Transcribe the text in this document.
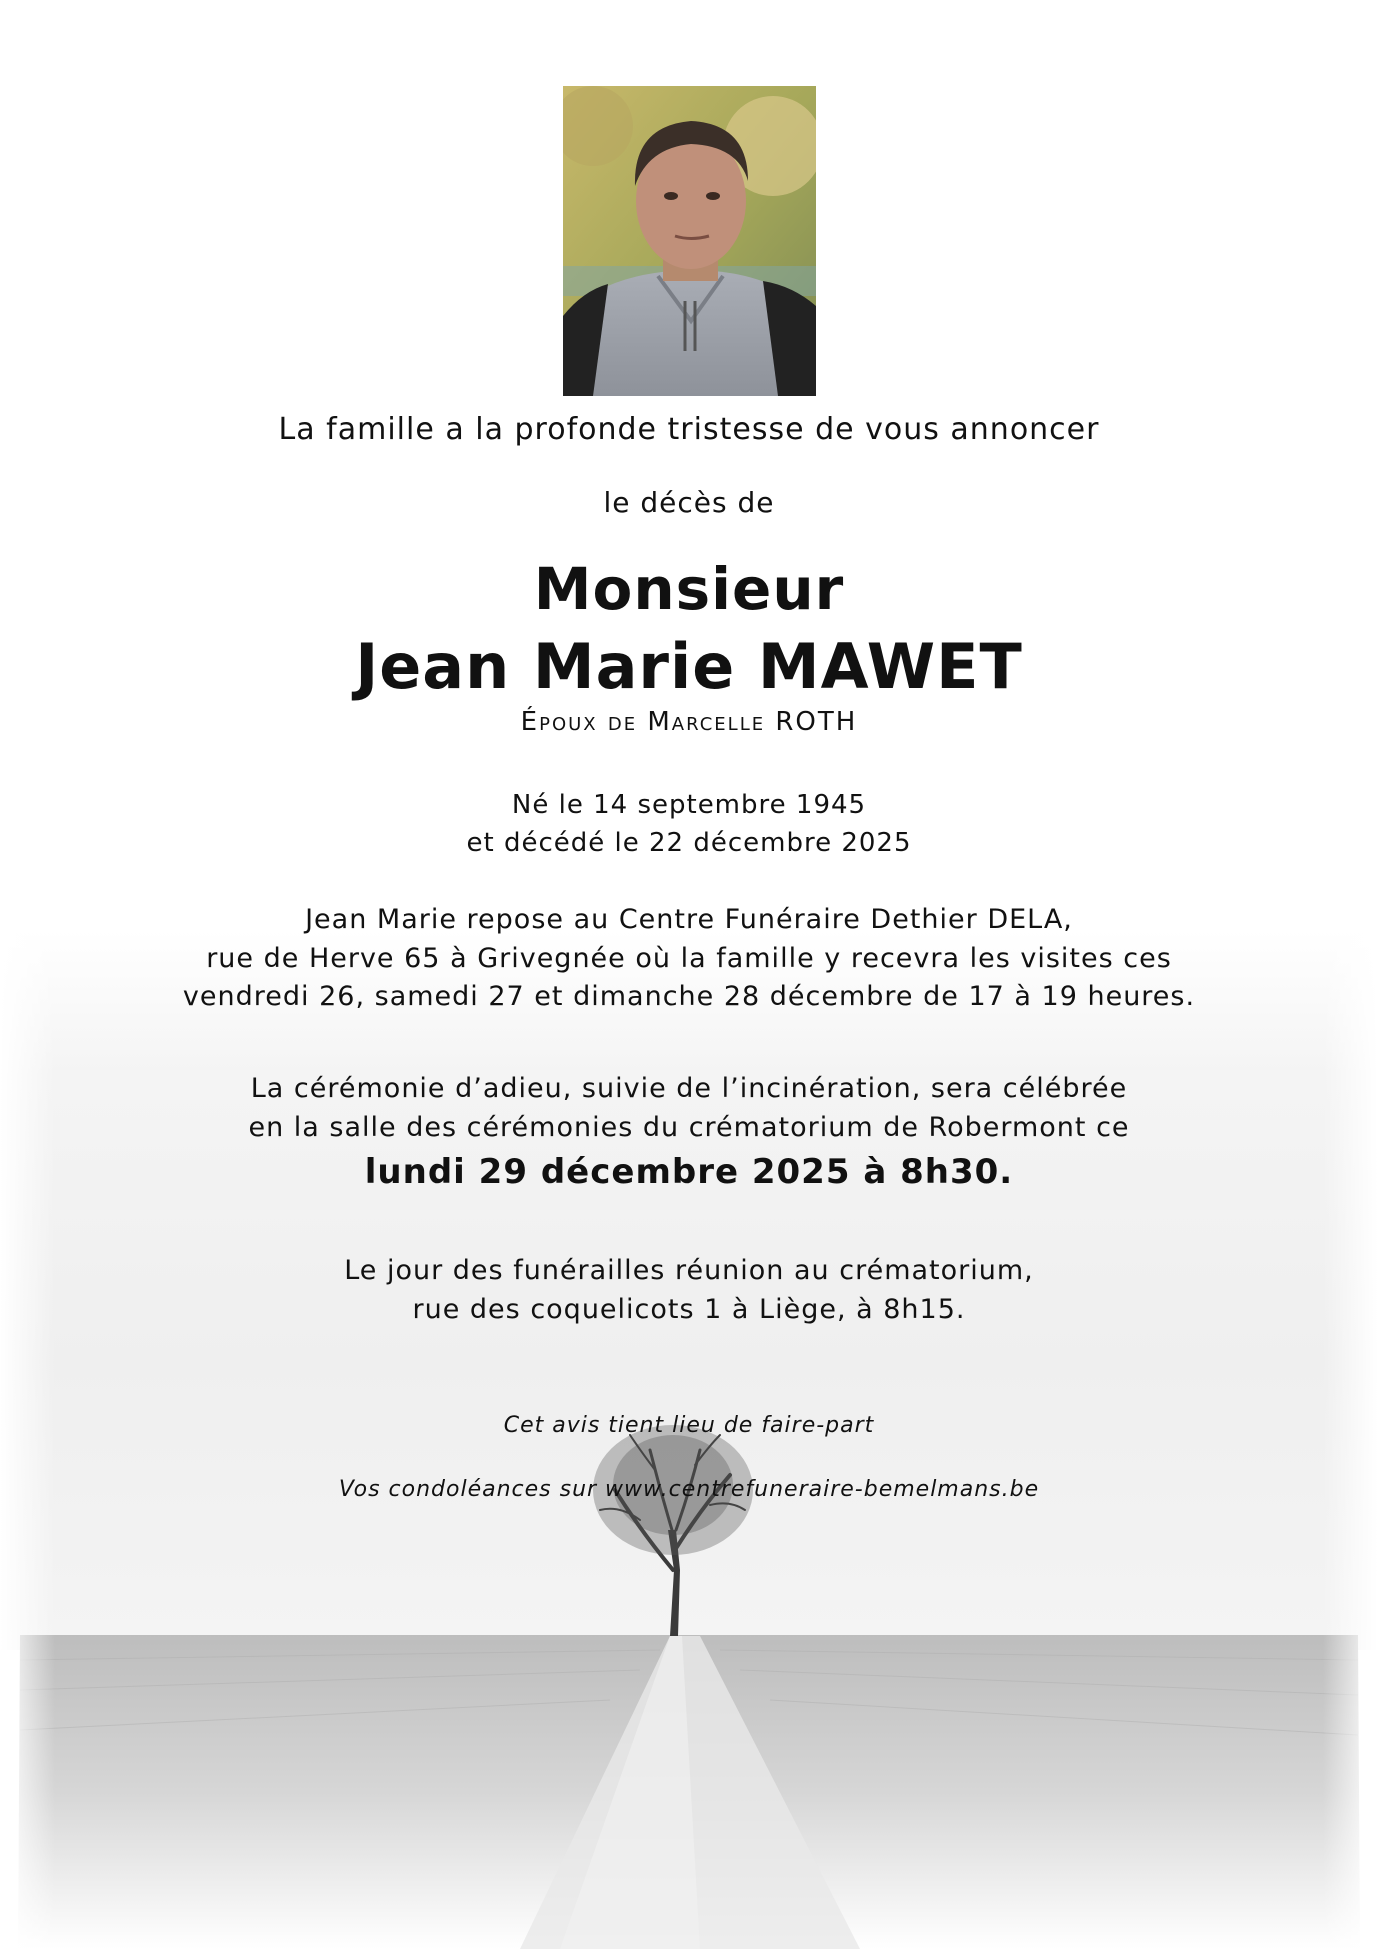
La famille a la profonde tristesse de vous annoncer
le décès de
Monsieur
Jean Marie MAWET
Époux de Marcelle ROTH
Né le 14 septembre 1945
et décédé le 22 décembre 2025
Jean Marie repose au Centre Funéraire Dethier DELA,
rue de Herve 65 à Grivegnée où la famille y recevra les visites ces
vendredi 26, samedi 27 et dimanche 28 décembre de 17 à 19 heures.
La cérémonie d’adieu, suivie de l’incinération, sera célébrée
en la salle des cérémonies du crématorium de Robermont ce
lundi 29 décembre 2025 à 8h30.
Le jour des funérailles réunion au crématorium,
rue des coquelicots 1 à Liège, à 8h15.
Cet avis tient lieu de faire-part
Vos condoléances sur www.centrefuneraire-bemelmans.be
